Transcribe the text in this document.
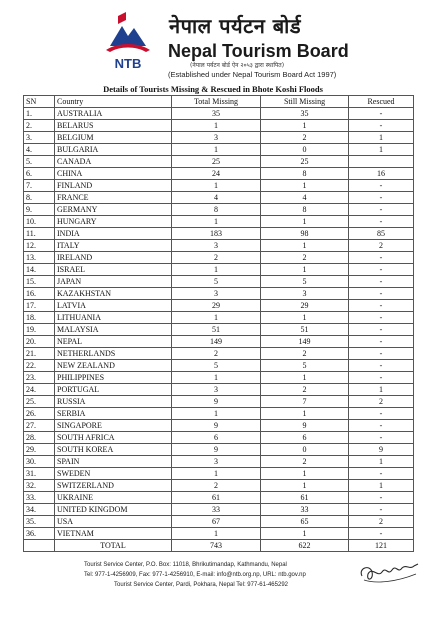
NTB
नेपाल पर्यटन बोर्ड
Nepal Tourism Board
(नेपाल पर्यटन बोर्ड ऐन २०५३ द्वारा स्थापित)
(Established under Nepal Tourism Board Act 1997)
Details of Tourists Missing & Rescued in Bhote Koshi Floods
SN	Country	Total Missing	Still Missing	Rescued
1.	AUSTRALIA	35	35	-
2.	BELARUS	1	1	-
3.	BELGIUM	3	2	1
4.	BULGARIA	1	0	1
5.	CANADA	25	25	
6.	CHINA	24	8	16
7.	FINLAND	1	1	-
8.	FRANCE	4	4	-
9.	GERMANY	8	8	-
10.	HUNGARY	1	1	-
11.	INDIA	183	98	85
12.	ITALY	3	1	2
13.	IRELAND	2	2	-
14.	ISRAEL	1	1	-
15.	JAPAN	5	5	-
16.	KAZAKHSTAN	3	3	-
17.	LATVIA	29	29	-
18.	LITHUANIA	1	1	-
19.	MALAYSIA	51	51	-
20.	NEPAL	149	149	-
21.	NETHERLANDS	2	2	-
22.	NEW ZEALAND	5	5	-
23.	PHILIPPINES	1	1	-
24.	PORTUGAL	3	2	1
25.	RUSSIA	9	7	2
26.	SERBIA	1	1	-
27.	SINGAPORE	9	9	-
28.	SOUTH AFRICA	6	6	-
29.	SOUTH KOREA	9	0	9
30.	SPAIN	3	2	1
31.	SWEDEN	1	1	-
32.	SWITZERLAND	2	1	1
33.	UKRAINE	61	61	-
34.	UNITED KINGDOM	33	33	-
35.	USA	67	65	2
36.	VIETNAM	1	1	-
	TOTAL	743	622	121
Tourist Service Center, P.O. Box: 11018, Bhrikutimandap, Kathmandu, Nepal
Tel: 977-1-4256909, Fax: 977-1-4256910, E-mail: info@ntb.org.np, URL: ntb.gov.np
Tourist Service Center, Pardi, Pokhara, Nepal Tel: 977-61-465292
